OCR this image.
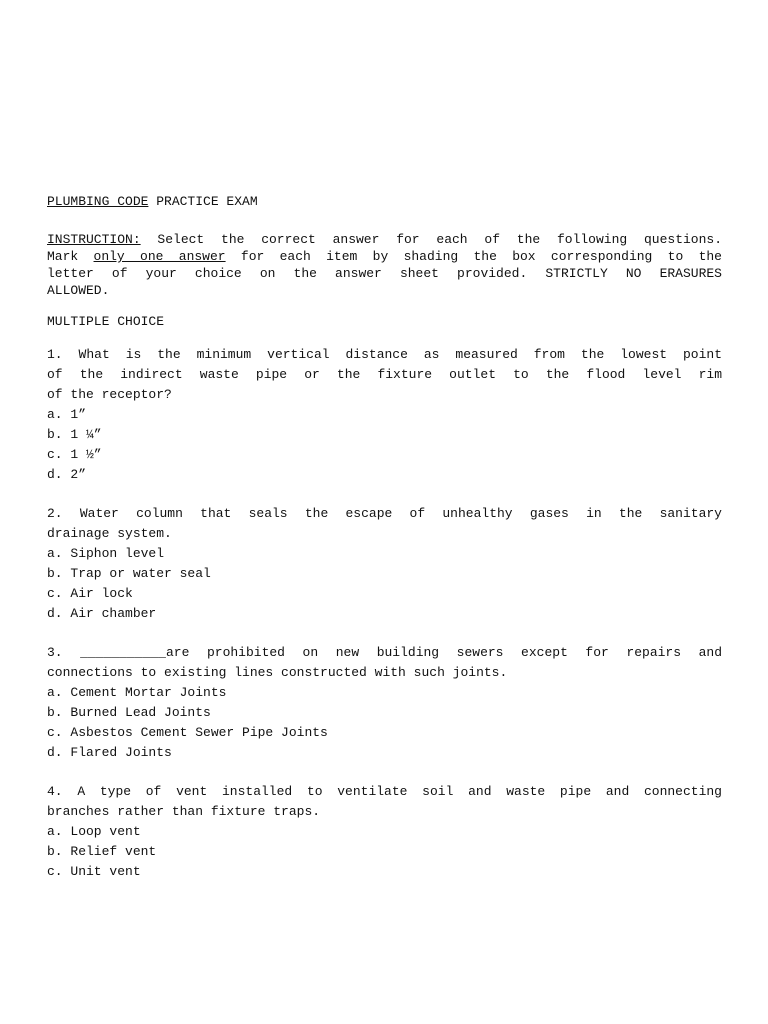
PLUMBING CODE PRACTICE EXAM
INSTRUCTION: Select the correct answer for each of the following questions.
Mark only one answer for each item by shading the box corresponding to the
letter of your choice on the answer sheet provided. STRICTLY NO ERASURES
ALLOWED.
MULTIPLE CHOICE
1. What is the minimum vertical distance as measured from the lowest point
of the indirect waste pipe or the fixture outlet to the flood level rim
of the receptor?
a. 1”
b. 1 ¼”
c. 1 ½”
d. 2”
2. Water column that seals the escape of unhealthy gases in the sanitary
drainage system.
a. Siphon level
b. Trap or water seal
c. Air lock
d. Air chamber
3. ___________are prohibited on new building sewers except for repairs and
connections to existing lines constructed with such joints.
a. Cement Mortar Joints
b. Burned Lead Joints
c. Asbestos Cement Sewer Pipe Joints
d. Flared Joints
4. A type of vent installed to ventilate soil and waste pipe and connecting
branches rather than fixture traps.
a. Loop vent
b. Relief vent
c. Unit vent
